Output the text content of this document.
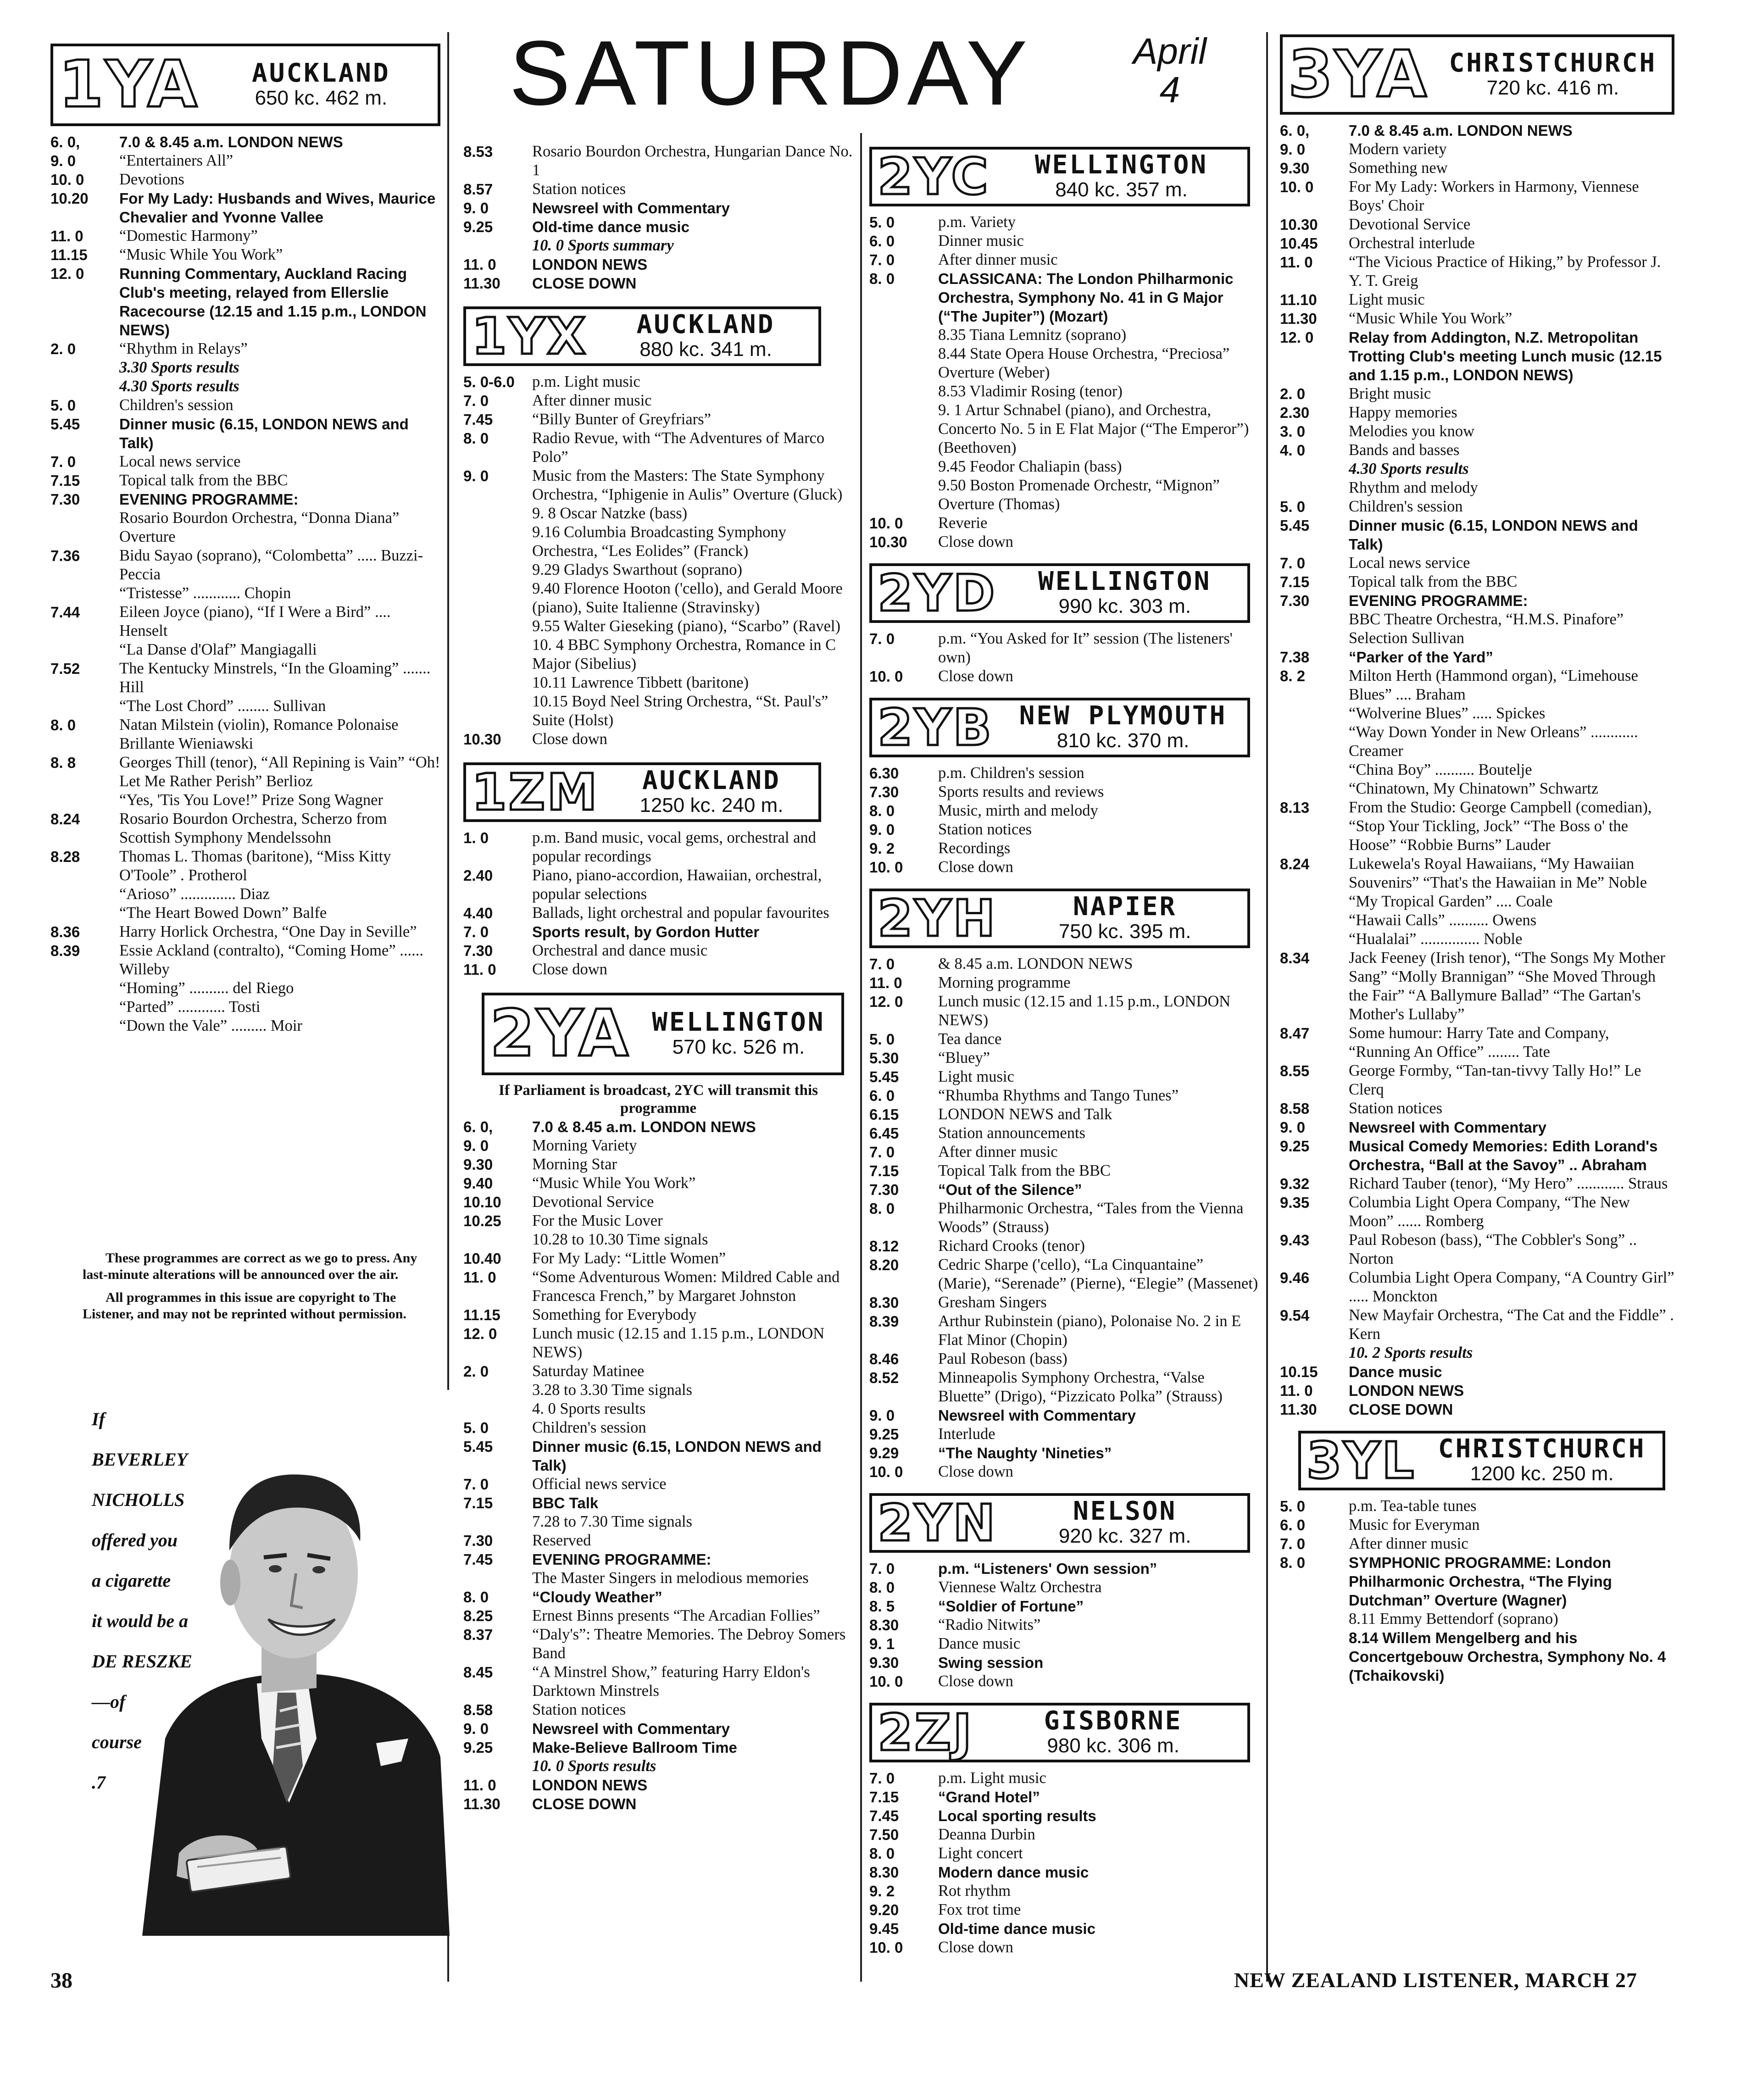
SATURDAY	April
4
1YA	AUCKLAND
650 kc. 462 m.
6. 0,	7.0 & 8.45 a.m. LONDON NEWS
9. 0	“Entertainers All”
10. 0	Devotions
10.20	For My Lady: Husbands and Wives, Maurice Chevalier and Yvonne Vallee
11. 0	“Domestic Harmony”
11.15	“Music While You Work”
12. 0	Running Commentary, Auckland Racing Club's meeting, relayed from Ellerslie Racecourse (12.15 and 1.15 p.m., LONDON NEWS)
2. 0	“Rhythm in Relays”
3.30 Sports results
4.30 Sports results
5. 0	Children's session
5.45	Dinner music (6.15, LONDON NEWS and Talk)
7. 0	Local news service
7.15	Topical talk from the BBC
7.30	EVENING PROGRAMME:
Rosario Bourdon Orchestra, “Donna Diana” Overture
7.36	Bidu Sayao (soprano), “Colombetta” ..... Buzzi-Peccia
“Tristesse” ............ Chopin
7.44	Eileen Joyce (piano), “If I Were a Bird” .... Henselt
“La Danse d'Olaf” Mangiagalli
7.52	The Kentucky Minstrels, “In the Gloaming” ....... Hill
“The Lost Chord” ........ Sullivan
8. 0	Natan Milstein (violin), Romance Polonaise Brillante Wieniawski
8. 8	Georges Thill (tenor), “All Repining is Vain” “Oh! Let Me Rather Perish” Berlioz
“Yes, 'Tis You Love!” Prize Song Wagner
8.24	Rosario Bourdon Orchestra, Scherzo from Scottish Symphony Mendelssohn
8.28	Thomas L. Thomas (baritone), “Miss Kitty O'Toole” . Protherol
“Arioso” .............. Diaz
“The Heart Bowed Down” Balfe
8.36	Harry Horlick Orchestra, “One Day in Seville”
8.39	Essie Ackland (contralto), “Coming Home” ...... Willeby
“Homing” .......... del Riego
“Parted” ............ Tosti
“Down the Vale” ......... Moir

These programmes are correct as we go to press. Any last-minute alterations will be announced over the air.

All programmes in this issue are copyright to The Listener, and may not be reprinted without permission.

If
BEVERLEY
NICHOLLS
offered you
a cigarette
it would be a
DE RESZKE
—of
course
.7
8.53	Rosario Bourdon Orchestra, Hungarian Dance No. 1
8.57	Station notices
9. 0	Newsreel with Commentary
9.25	Old-time dance music
10. 0 Sports summary
11. 0	LONDON NEWS
11.30	CLOSE DOWN
1YX	AUCKLAND
880 kc. 341 m.
5. 0-6.0	p.m. Light music
7. 0	After dinner music
7.45	“Billy Bunter of Greyfriars”
8. 0	Radio Revue, with “The Adventures of Marco Polo”
9. 0	Music from the Masters: The State Symphony Orchestra, “Iphigenie in Aulis” Overture (Gluck)
9. 8 Oscar Natzke (bass)
9.16 Columbia Broadcasting Symphony Orchestra, “Les Eolides” (Franck)
9.29 Gladys Swarthout (soprano)
9.40 Florence Hooton ('cello), and Gerald Moore (piano), Suite Italienne (Stravinsky)
9.55 Walter Gieseking (piano), “Scarbo” (Ravel)
10. 4 BBC Symphony Orchestra, Romance in C Major (Sibelius)
10.11 Lawrence Tibbett (baritone)
10.15 Boyd Neel String Orchestra, “St. Paul's” Suite (Holst)
10.30	Close down
1ZM	AUCKLAND
1250 kc. 240 m.
1. 0	p.m. Band music, vocal gems, orchestral and popular recordings
2.40	Piano, piano-accordion, Hawaiian, orchestral, popular selections
4.40	Ballads, light orchestral and popular favourites
7. 0	Sports result, by Gordon Hutter
7.30	Orchestral and dance music
11. 0	Close down
2YA WELLINGTON
570 kc. 526 m.
If Parliament is broadcast, 2YC will transmit this programme
6. 0,	7.0 & 8.45 a.m. LONDON NEWS
9. 0	Morning Variety
9.30	Morning Star
9.40	“Music While You Work”
10.10	Devotional Service
10.25	For the Music Lover
10.28 to 10.30 Time signals
10.40	For My Lady: “Little Women”
11. 0	“Some Adventurous Women: Mildred Cable and Francesca French,” by Margaret Johnston
11.15	Something for Everybody
12. 0	Lunch music (12.15 and 1.15 p.m., LONDON NEWS)
2. 0	Saturday Matinee
3.28 to 3.30 Time signals
4. 0 Sports results
5. 0	Children's session
5.45	Dinner music (6.15, LONDON NEWS and Talk)
7. 0	Official news service
7.15	BBC Talk
7.28 to 7.30 Time signals
7.30	Reserved
7.45	EVENING PROGRAMME:
The Master Singers in melodious memories
8. 0	“Cloudy Weather”
8.25	Ernest Binns presents “The Arcadian Follies”
8.37	“Daly's”: Theatre Memories. The Debroy Somers Band
8.45	“A Minstrel Show,” featuring Harry Eldon's Darktown Minstrels
8.58	Station notices
9. 0	Newsreel with Commentary
9.25	Make-Believe Ballroom Time
10. 0 Sports results
11. 0	LONDON NEWS
11.30	CLOSE DOWN
2YC	WELLINGTON
840 kc. 357 m.
5. 0	p.m. Variety
6. 0	Dinner music
7. 0	After dinner music
8. 0	CLASSICANA: The London Philharmonic Orchestra, Symphony No. 41 in G Major (“The Jupiter”) (Mozart)
8.35 Tiana Lemnitz (soprano)
8.44 State Opera House Orchestra, “Preciosa” Overture (Weber)
8.53 Vladimir Rosing (tenor)
9. 1 Artur Schnabel (piano), and Orchestra, Concerto No. 5 in E Flat Major (“The Emperor”) (Beethoven)
9.45 Feodor Chaliapin (bass)
9.50 Boston Promenade Orchestr, “Mignon” Overture (Thomas)
10. 0	Reverie
10.30	Close down
2YD	WELLINGTON
990 kc. 303 m.
7. 0	p.m. “You Asked for It” session (The listeners' own)
10. 0	Close down
2YB	NEW PLYMOUTH
810 kc. 370 m.
6.30	p.m. Children's session
7.30	Sports results and reviews
8. 0	Music, mirth and melody
9. 0	Station notices
9. 2	Recordings
10. 0	Close down
2YH	NAPIER
750 kc. 395 m.
7. 0	& 8.45 a.m. LONDON NEWS
11. 0	Morning programme
12. 0	Lunch music (12.15 and 1.15 p.m., LONDON NEWS)
5. 0	Tea dance
5.30	“Bluey”
5.45	Light music
6. 0	“Rhumba Rhythms and Tango Tunes”
6.15	LONDON NEWS and Talk
6.45	Station announcements
7. 0	After dinner music
7.15	Topical Talk from the BBC
7.30	“Out of the Silence”
8. 0	Philharmonic Orchestra, “Tales from the Vienna Woods” (Strauss)
8.12	Richard Crooks (tenor)
8.20	Cedric Sharpe ('cello), “La Cinquantaine” (Marie), “Serenade” (Pierne), “Elegie” (Massenet)
8.30	Gresham Singers
8.39	Arthur Rubinstein (piano), Polonaise No. 2 in E Flat Minor (Chopin)
8.46	Paul Robeson (bass)
8.52	Minneapolis Symphony Orchestra, “Valse Bluette” (Drigo), “Pizzicato Polka” (Strauss)
9. 0	Newsreel with Commentary
9.25	Interlude
9.29	“The Naughty 'Nineties”
10. 0	Close down
2YN	NELSON
920 kc. 327 m.
7. 0	p.m. “Listeners' Own session”
8. 0	Viennese Waltz Orchestra
8. 5	“Soldier of Fortune”
8.30	“Radio Nitwits”
9. 1	Dance music
9.30	Swing session
10. 0	Close down
2ZJ	GISBORNE
980 kc. 306 m.
7. 0	p.m. Light music
7.15	“Grand Hotel”
7.45	Local sporting results
7.50	Deanna Durbin
8. 0	Light concert
8.30	Modern dance music
9. 2	Rot rhythm
9.20	Fox trot time
9.45	Old-time dance music
10. 0	Close down
3YA CHRISTCHURCH
720 kc. 416 m.
6. 0,	7.0 & 8.45 a.m. LONDON NEWS
9. 0	Modern variety
9.30	Something new
10. 0	For My Lady: Workers in Harmony, Viennese Boys' Choir
10.30	Devotional Service
10.45	Orchestral interlude
11. 0	“The Vicious Practice of Hiking,” by Professor J. Y. T. Greig
11.10	Light music
11.30	“Music While You Work”
12. 0	Relay from Addington, N.Z. Metropolitan Trotting Club's meeting Lunch music (12.15 and 1.15 p.m., LONDON NEWS)
2. 0	Bright music
2.30	Happy memories
3. 0	Melodies you know
4. 0	Bands and basses
4.30 Sports results
Rhythm and melody
5. 0	Children's session
5.45	Dinner music (6.15, LONDON NEWS and Talk)
7. 0	Local news service
7.15	Topical talk from the BBC
7.30	EVENING PROGRAMME:
BBC Theatre Orchestra, “H.M.S. Pinafore” Selection Sullivan
7.38	“Parker of the Yard”
8. 2	Milton Herth (Hammond organ), “Limehouse Blues” .... Braham
“Wolverine Blues” ..... Spickes
“Way Down Yonder in New Orleans” ............ Creamer
“China Boy” .......... Boutelje
“Chinatown, My Chinatown” Schwartz
8.13	From the Studio: George Campbell (comedian), “Stop Your Tickling, Jock” “The Boss o' the Hoose” “Robbie Burns” Lauder
8.24	Lukewela's Royal Hawaiians, “My Hawaiian Souvenirs” “That's the Hawaiian in Me” Noble
“My Tropical Garden” .... Coale
“Hawaii Calls” .......... Owens
“Hualalai” ............... Noble
8.34	Jack Feeney (Irish tenor), “The Songs My Mother Sang” “Molly Brannigan” “She Moved Through the Fair” “A Ballymure Ballad” “The Gartan's Mother's Lullaby”
8.47	Some humour: Harry Tate and Company, “Running An Office” ........ Tate
8.55	George Formby, “Tan-tan-tivvy Tally Ho!” Le Clerq
8.58	Station notices
9. 0	Newsreel with Commentary
9.25	Musical Comedy Memories: Edith Lorand's Orchestra, “Ball at the Savoy” .. Abraham
9.32	Richard Tauber (tenor), “My Hero” ............ Straus
9.35	Columbia Light Opera Company, “The New Moon” ...... Romberg
9.43	Paul Robeson (bass), “The Cobbler's Song” .. Norton
9.46	Columbia Light Opera Company, “A Country Girl” ..... Monckton
9.54	New Mayfair Orchestra, “The Cat and the Fiddle” . Kern
10. 2 Sports results
10.15	Dance music
11. 0	LONDON NEWS
11.30	CLOSE DOWN
3YL CHRISTCHURCH
1200 kc. 250 m.
5. 0	p.m. Tea-table tunes
6. 0	Music for Everyman
7. 0	After dinner music
8. 0	SYMPHONIC PROGRAMME: London Philharmonic Orchestra, “The Flying Dutchman” Overture (Wagner)
8.11 Emmy Bettendorf (soprano)
8.14 Willem Mengelberg and his Concertgebouw Orchestra, Symphony No. 4 (Tchaikovski)
38	NEW ZEALAND LISTENER, MARCH 27
